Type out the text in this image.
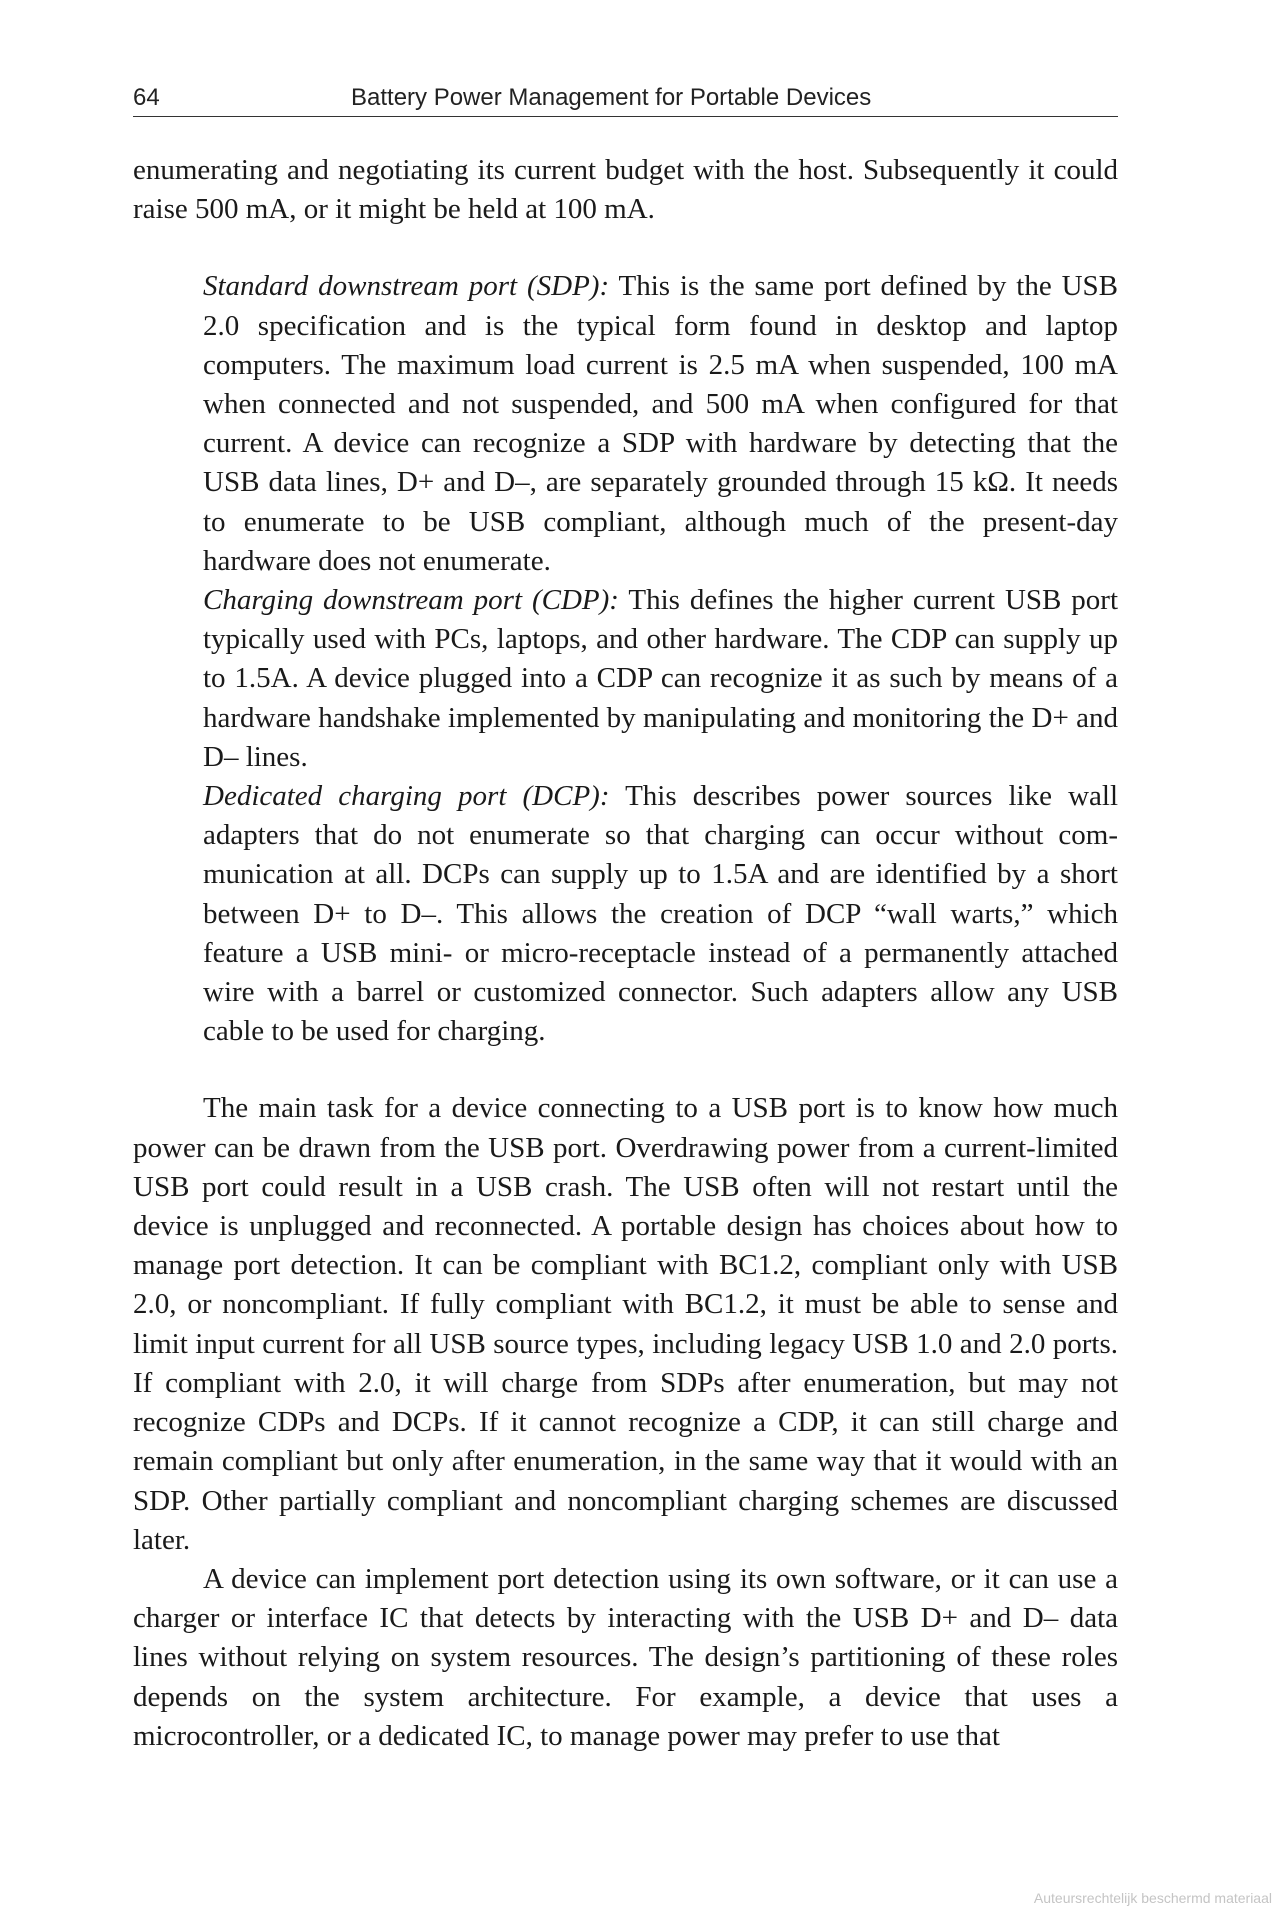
64	Battery Power Management for Portable Devices

enumerating and negotiating its current budget with the host. Subsequently it could raise 500 mA, or it might be held at 100 mA.

Standard downstream port (SDP): This is the same port defined by the USB 2.0 specification and is the typical form found in desktop and laptop computers. The maximum load current is 2.5 mA when suspended, 100 mA when connected and not suspended, and 500 mA when configured for that current. A device can recognize a SDP with hardware by detecting that the USB data lines, D+ and D–, are separately grounded through 15 kΩ. It needs to enumerate to be USB compliant, although much of the present-day hardware does not enumerate.

Charging downstream port (CDP): This defines the higher current USB port typically used with PCs, laptops, and other hardware. The CDP can supply up to 1.5A. A device plugged into a CDP can recognize it as such by means of a hardware handshake implemented by manipulating and monitoring the D+ and D– lines.

Dedicated charging port (DCP): This describes power sources like wall adapters that do not enumerate so that charging can occur without communication at all. DCPs can supply up to 1.5A and are identified by a short between D+ to D–. This allows the creation of DCP “wall warts,” which feature a USB mini- or micro-receptacle instead of a permanently attached wire with a barrel or customized connector. Such adapters allow any USB cable to be used for charging.

The main task for a device connecting to a USB port is to know how much power can be drawn from the USB port. Overdrawing power from a current-limited USB port could result in a USB crash. The USB often will not restart until the device is unplugged and reconnected. A portable design has choices about how to manage port detection. It can be compliant with BC1.2, compliant only with USB 2.0, or noncompliant. If fully compliant with BC1.2, it must be able to sense and limit input current for all USB source types, including legacy USB 1.0 and 2.0 ports. If compliant with 2.0, it will charge from SDPs after enumeration, but may not recognize CDPs and DCPs. If it cannot recognize a CDP, it can still charge and remain compliant but only after enumeration, in the same way that it would with an SDP. Other partially compliant and noncompliant charging schemes are discussed later.

A device can implement port detection using its own software, or it can use a charger or interface IC that detects by interacting with the USB D+ and D– data lines without relying on system resources. The design’s partitioning of these roles depends on the system architecture. For example, a device that uses a microcontroller, or a dedicated IC, to manage power may prefer to use that

Auteursrechtelijk beschermd materiaal
